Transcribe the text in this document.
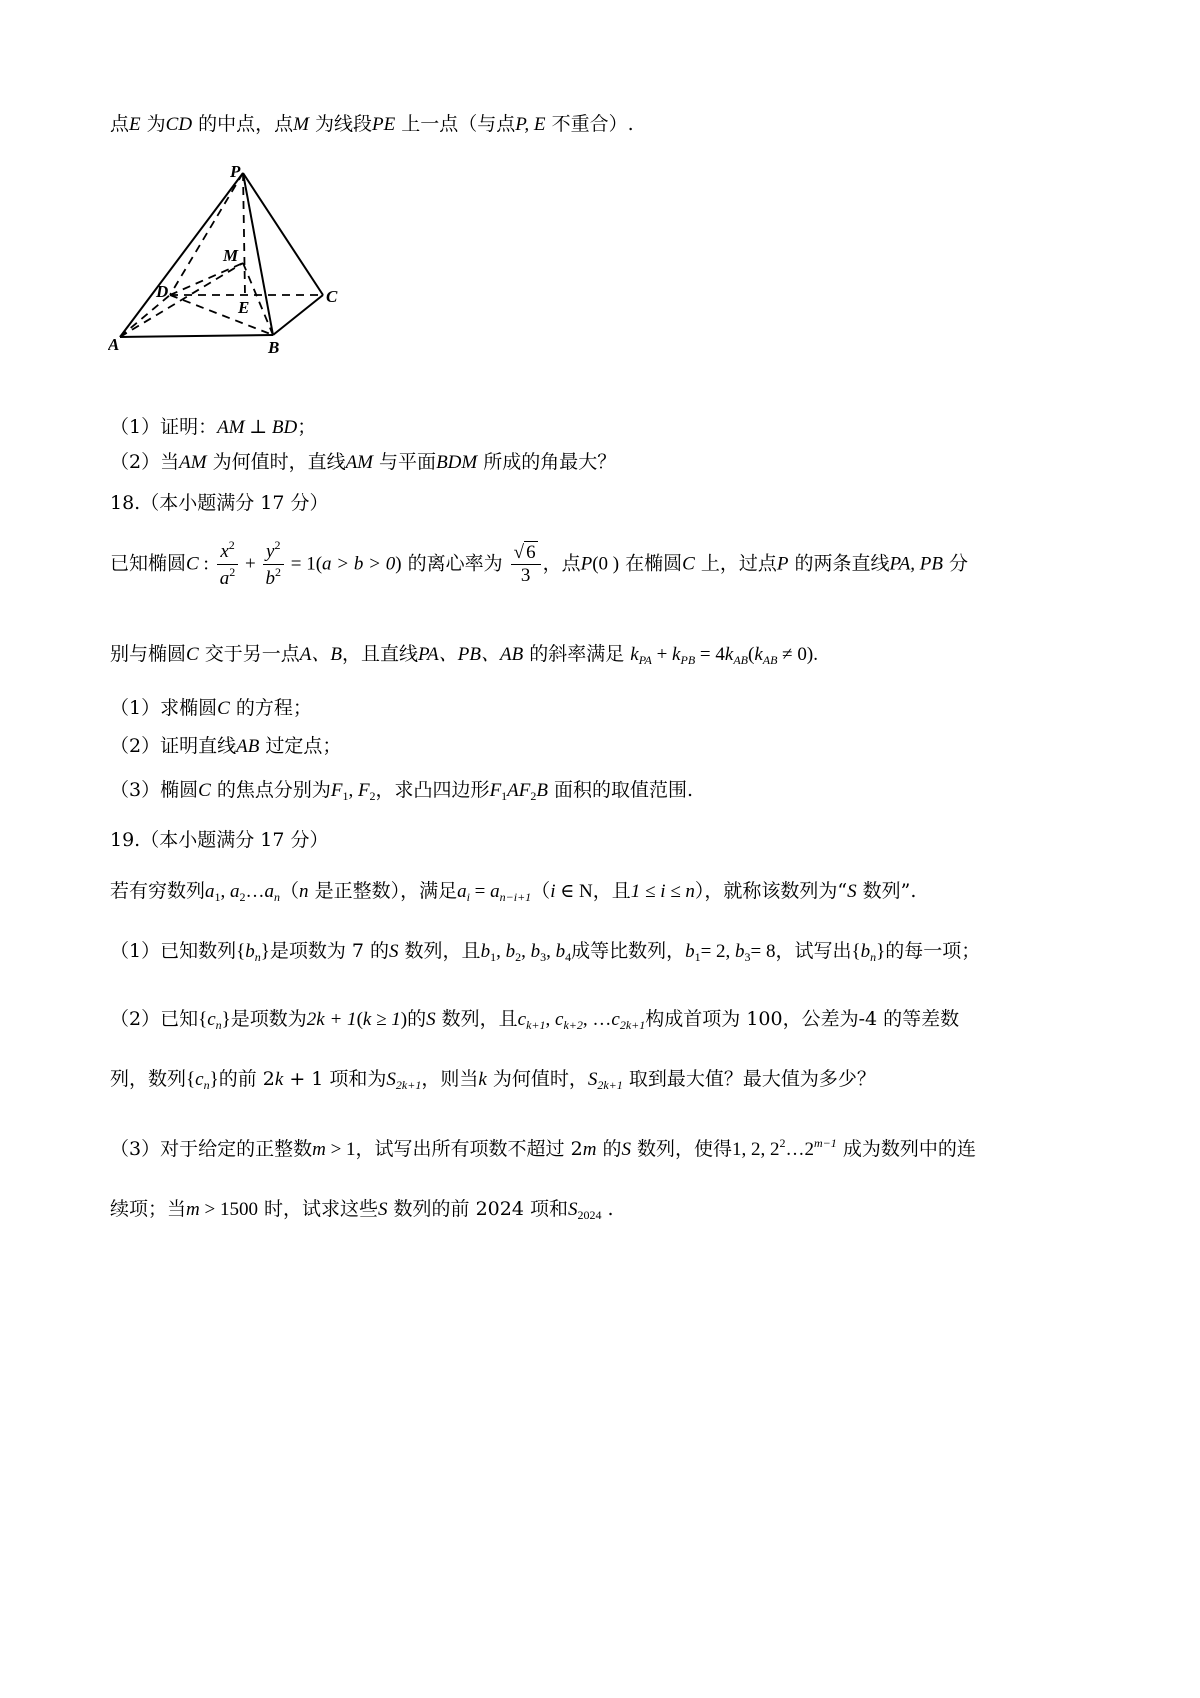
点E 为CD 的中点，点M 为线段PE 上一点（与点P, E 不重合）.
P
M
D
E
C
A	B
（1）证明：AM ⊥ BD；
（2）当AM 为何值时，直线AM 与平面BDM 所成的角最大？
18.（本小题满分 17 分）
已知椭圆C : $\frac{x^2}{a^2} + \frac{y^2}{b^2} = 1(a > b > 0)$ 的离心率为 $\frac{√ 6}{3}$ ，点P(0 ) 在椭圆C 上，过点P 的两条直线PA, PB 分
别与椭圆C 交于另一点A、B，且直线PA、PB、AB 的斜率满足 $k_{PA} + k_{PB} = 4k_{AB}(k_{AB} \ne 0)$.
（1）求椭圆C 的方程；
（2）证明直线AB 过定点；
（3）椭圆C 的焦点分别为$F_1$, $F_2$，求凸四边形$F_1AF_2B$ 面积的取值范围.
19.（本小题满分 17 分）
若有穷数列$a_1$, $a_2\dots a_n(n$ 是正整数），满足$a_i = a_{n-i+1}(i$ ∈ N，且1 ≤ i ≤ n），就称该数列为“S 数列”.
（1）已知数列$\{b_n\}$是项数为 7 的S 数列，且$b_1$, $b_2$, $b_3$, $b_4$成等比数列，$b_1= 2$, $b_3= 8$，试写出$\{b_n\}$的每一项；
（2）已知$\{c_n\}$是项数为2k + 1(k ≥ 1)的S 数列，且$c_{k+1}$, $c_{k+2}$, $\dots c_{2k+1}$构成首项为 100，公差为-4 的等差数
列，数列$\{c_n\}$的前 2k + 1 项和为$S_{2k+1}$，则当k 为何值时，$S_{2k+1}$ 取到最大值？最大值为多少？
（3）对于给定的正整数m > 1，试写出所有项数不超过 2m 的S 数列，使得1, 2, $2^2\dots 2^{m-1}$ 成为数列中的连
续项；当m > 1500 时，试求这些S 数列的前 2024 项和$S_{2024}$ .
